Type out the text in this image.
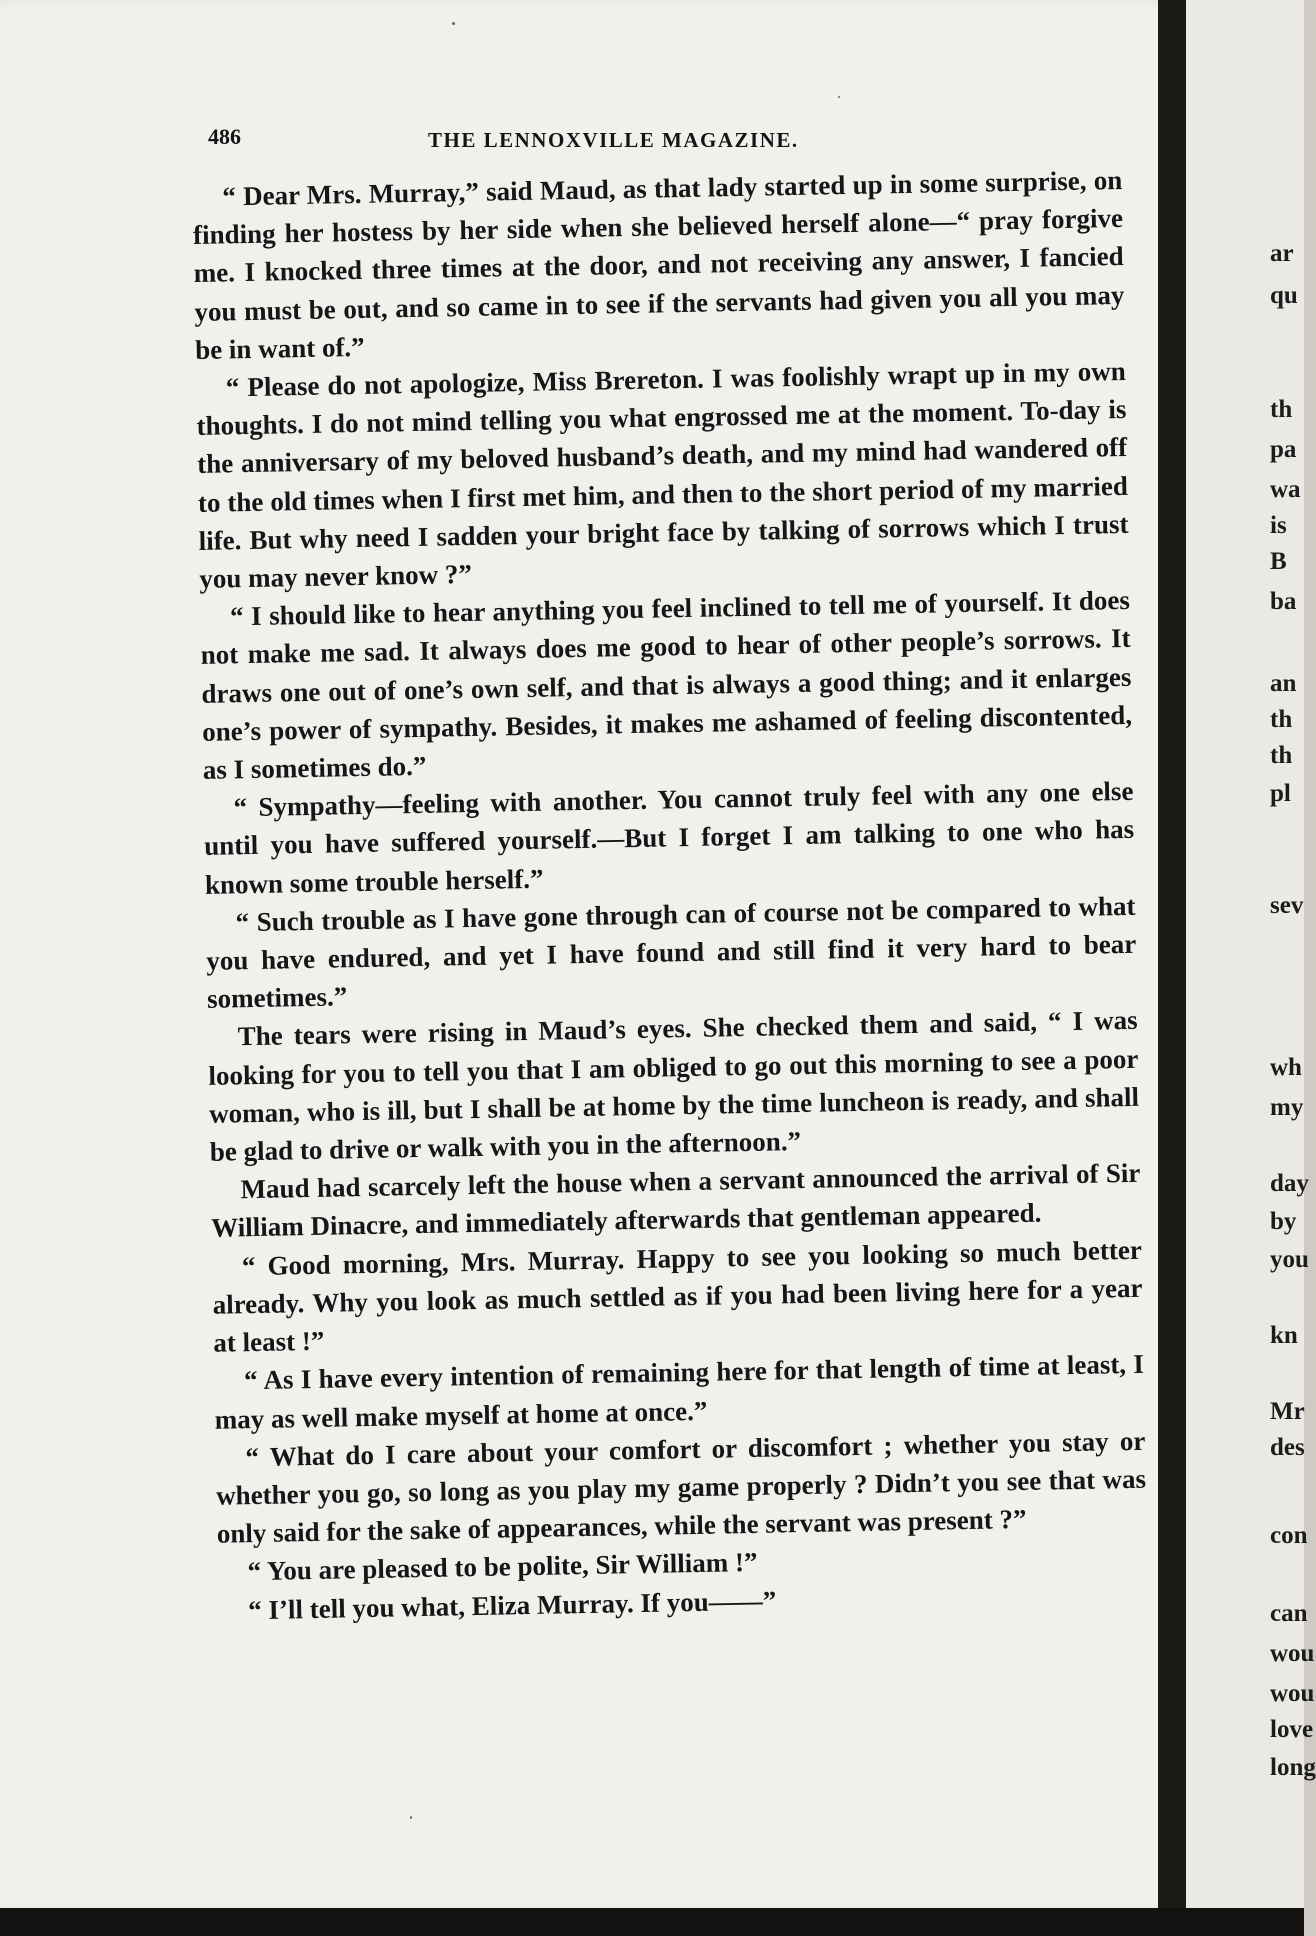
486	THE LENNOXVILLE MAGAZINE.

“ Dear Mrs. Murray,” said Maud, as that lady started up in some surprise, on finding her hostess by her side when she believed herself alone—“ pray forgive me. I knocked three times at the door, and not receiving any answer, I fancied you must be out, and so came in to see if the servants had given you all you may be in want of.”

“ Please do not apologize, Miss Brereton. I was foolishly wrapt up in my own thoughts. I do not mind telling you what engrossed me at the moment. To-day is the anniversary of my beloved husband’s death, and my mind had wandered off to the old times when I first met him, and then to the short period of my married life. But why need I sadden your bright face by talking of sorrows which I trust you may never know ?”

“ I should like to hear anything you feel inclined to tell me of yourself. It does not make me sad. It always does me good to hear of other people’s sorrows. It draws one out of one’s own self, and that is always a good thing; and it enlarges one’s power of sympathy. Besides, it makes me ashamed of feeling discontented, as I sometimes do.”

“ Sympathy—feeling with another. You cannot truly feel with any one else until you have suffered yourself.—But I forget I am talking to one who has known some trouble herself.”

“ Such trouble as I have gone through can of course not be compared to what you have endured, and yet I have found and still find it very hard to bear sometimes.”

The tears were rising in Maud’s eyes. She checked them and said, “ I was looking for you to tell you that I am obliged to go out this morning to see a poor woman, who is ill, but I shall be at home by the time luncheon is ready, and shall be glad to drive or walk with you in the afternoon.”

Maud had scarcely left the house when a servant announced the arrival of Sir William Dinacre, and immediately afterwards that gentleman appeared.

“ Good morning, Mrs. Murray. Happy to see you looking so much better already. Why you look as much settled as if you had been living here for a year at least !”

“ As I have every intention of remaining here for that length of time at least, I may as well make myself at home at once.”

“ What do I care about your comfort or discomfort ; whether you stay or whether you go, so long as you play my game properly ? Didn’t you see that was only said for the sake of appearances, while the servant was present ?”

“ You are pleased to be polite, Sir William !”

“ I’ll tell you what, Eliza Murray. If you——”

ar
qu
th
pa
wa
is
B
ba
an
th
th
pl
sev
wh
my
day
by
you
kn
Mr
des
con
can
wou
wou
love
long
